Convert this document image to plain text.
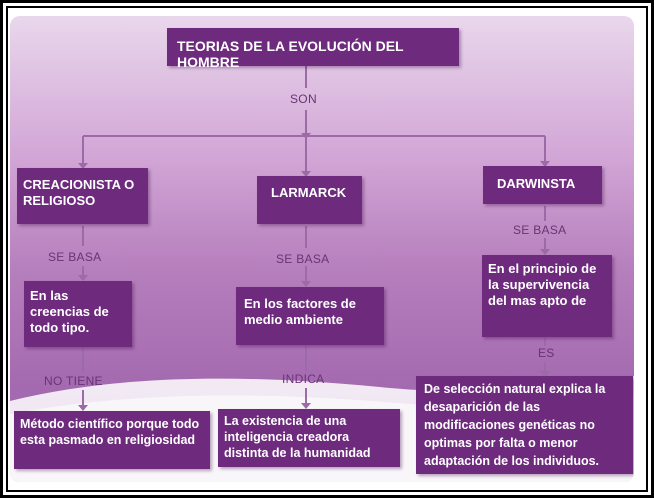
TEORIAS DE LA EVOLUCIÓN DEL HOMBRE
SON
CREACIONISTA O RELIGIOSO
SE BASA
En las creencias de todo tipo.
NO TIENE
Método científico porque todo esta pasmado en religiosidad
LARMARCK
SE BASA
En los factores de medio ambiente
INDICA
La existencia de una inteligencia creadora distinta de la humanidad
DARWINSTA
SE BASA
En el principio de la supervivencia del mas apto de
ES
De selección natural explica la desaparición de las modificaciones genéticas no optimas por falta o menor adaptación de los individuos.
